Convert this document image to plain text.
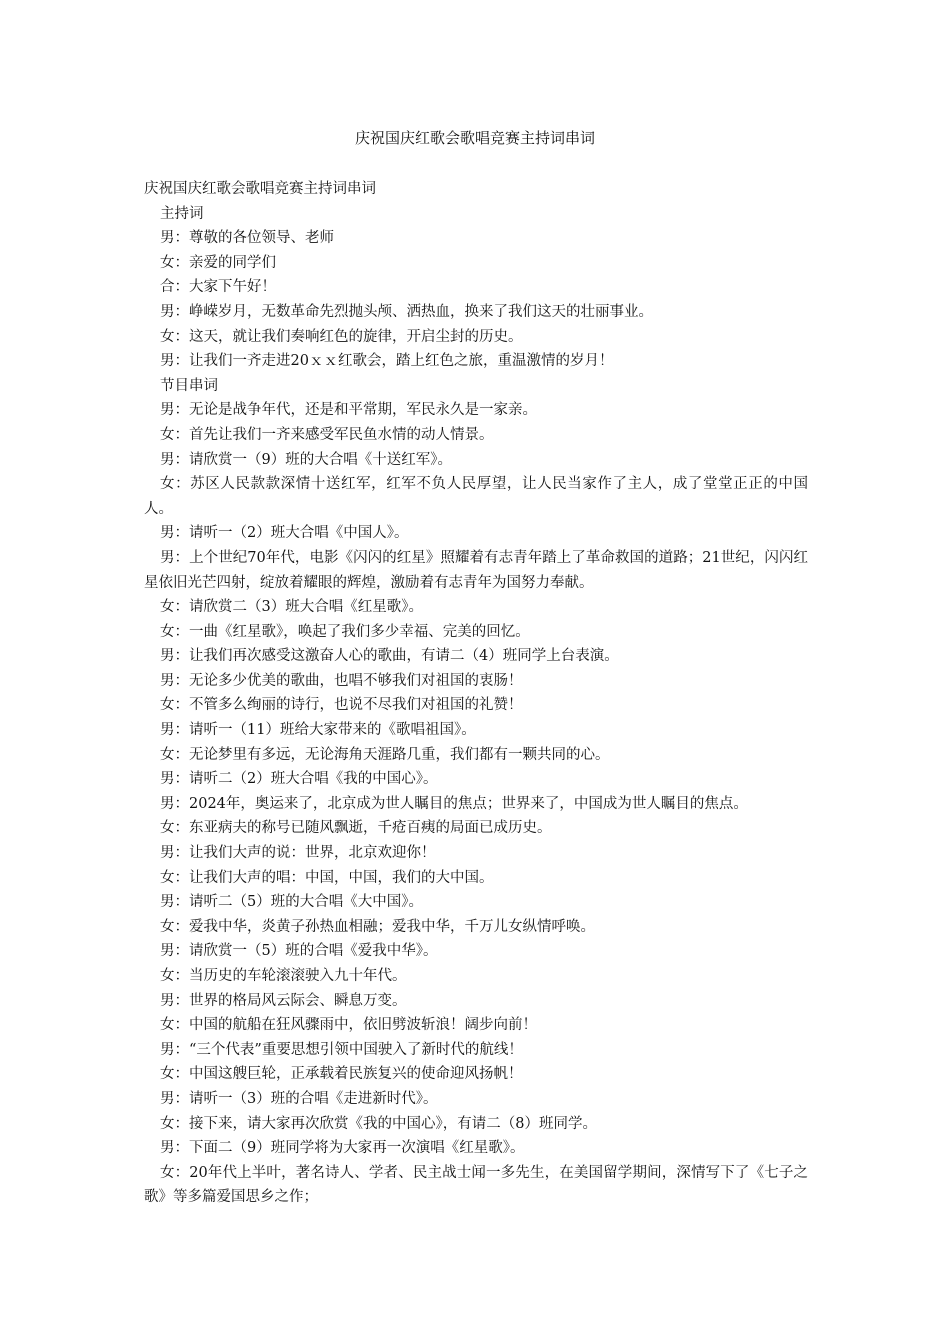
庆祝国庆红歌会歌唱竞赛主持词串词

庆祝国庆红歌会歌唱竞赛主持词串词

主持词

男：尊敬的各位领导、老师

女：亲爱的同学们

合：大家下午好！

男：峥嵘岁月，无数革命先烈抛头颅、洒热血，换来了我们这天的壮丽事业。

女：这天，就让我们奏响红色的旋律，开启尘封的历史。

男：让我们一齐走进20ｘｘ红歌会，踏上红色之旅，重温激情的岁月！

节目串词

男：无论是战争年代，还是和平常期，军民永久是一家亲。

女：首先让我们一齐来感受军民鱼水情的动人情景。

男：请欣赏一（9）班的大合唱《十送红军》。

女：苏区人民款款深情十送红军，红军不负人民厚望，让人民当家作了主人，成了堂堂正正的中国人。

男：请听一（2）班大合唱《中国人》。

男：上个世纪70年代，电影《闪闪的红星》照耀着有志青年踏上了革命救国的道路；21世纪，闪闪红星依旧光芒四射，绽放着耀眼的辉煌，激励着有志青年为国努力奉献。

女：请欣赏二（3）班大合唱《红星歌》。

女：一曲《红星歌》，唤起了我们多少幸福、完美的回忆。

男：让我们再次感受这激奋人心的歌曲，有请二（4）班同学上台表演。

男：无论多少优美的歌曲，也唱不够我们对祖国的衷肠！

女：不管多么绚丽的诗行，也说不尽我们对祖国的礼赞！

男：请听一（11）班给大家带来的《歌唱祖国》。

女：无论梦里有多远，无论海角天涯路几重，我们都有一颗共同的心。

男：请听二（2）班大合唱《我的中国心》。

男：2024年，奥运来了，北京成为世人瞩目的焦点；世界来了，中国成为世人瞩目的焦点。

女：东亚病夫的称号已随风飘逝，千疮百痍的局面已成历史。

男：让我们大声的说：世界，北京欢迎你！

女：让我们大声的唱：中国，中国，我们的大中国。

男：请听二（5）班的大合唱《大中国》。

女：爱我中华，炎黄子孙热血相融；爱我中华，千万儿女纵情呼唤。

男：请欣赏一（5）班的合唱《爱我中华》。

女：当历史的车轮滚滚驶入九十年代。

男：世界的格局风云际会、瞬息万变。

女：中国的航船在狂风骤雨中，依旧劈波斩浪！阔步向前！

男：“三个代表”重要思想引领中国驶入了新时代的航线！

女：中国这艘巨轮，正承载着民族复兴的使命迎风扬帆！

男：请听一（3）班的合唱《走进新时代》。

女：接下来，请大家再次欣赏《我的中国心》，有请二（8）班同学。

男：下面二（9）班同学将为大家再一次演唱《红星歌》。

女：20年代上半叶，著名诗人、学者、民主战士闻一多先生，在美国留学期间，深情写下了《七子之歌》等多篇爱国思乡之作；
